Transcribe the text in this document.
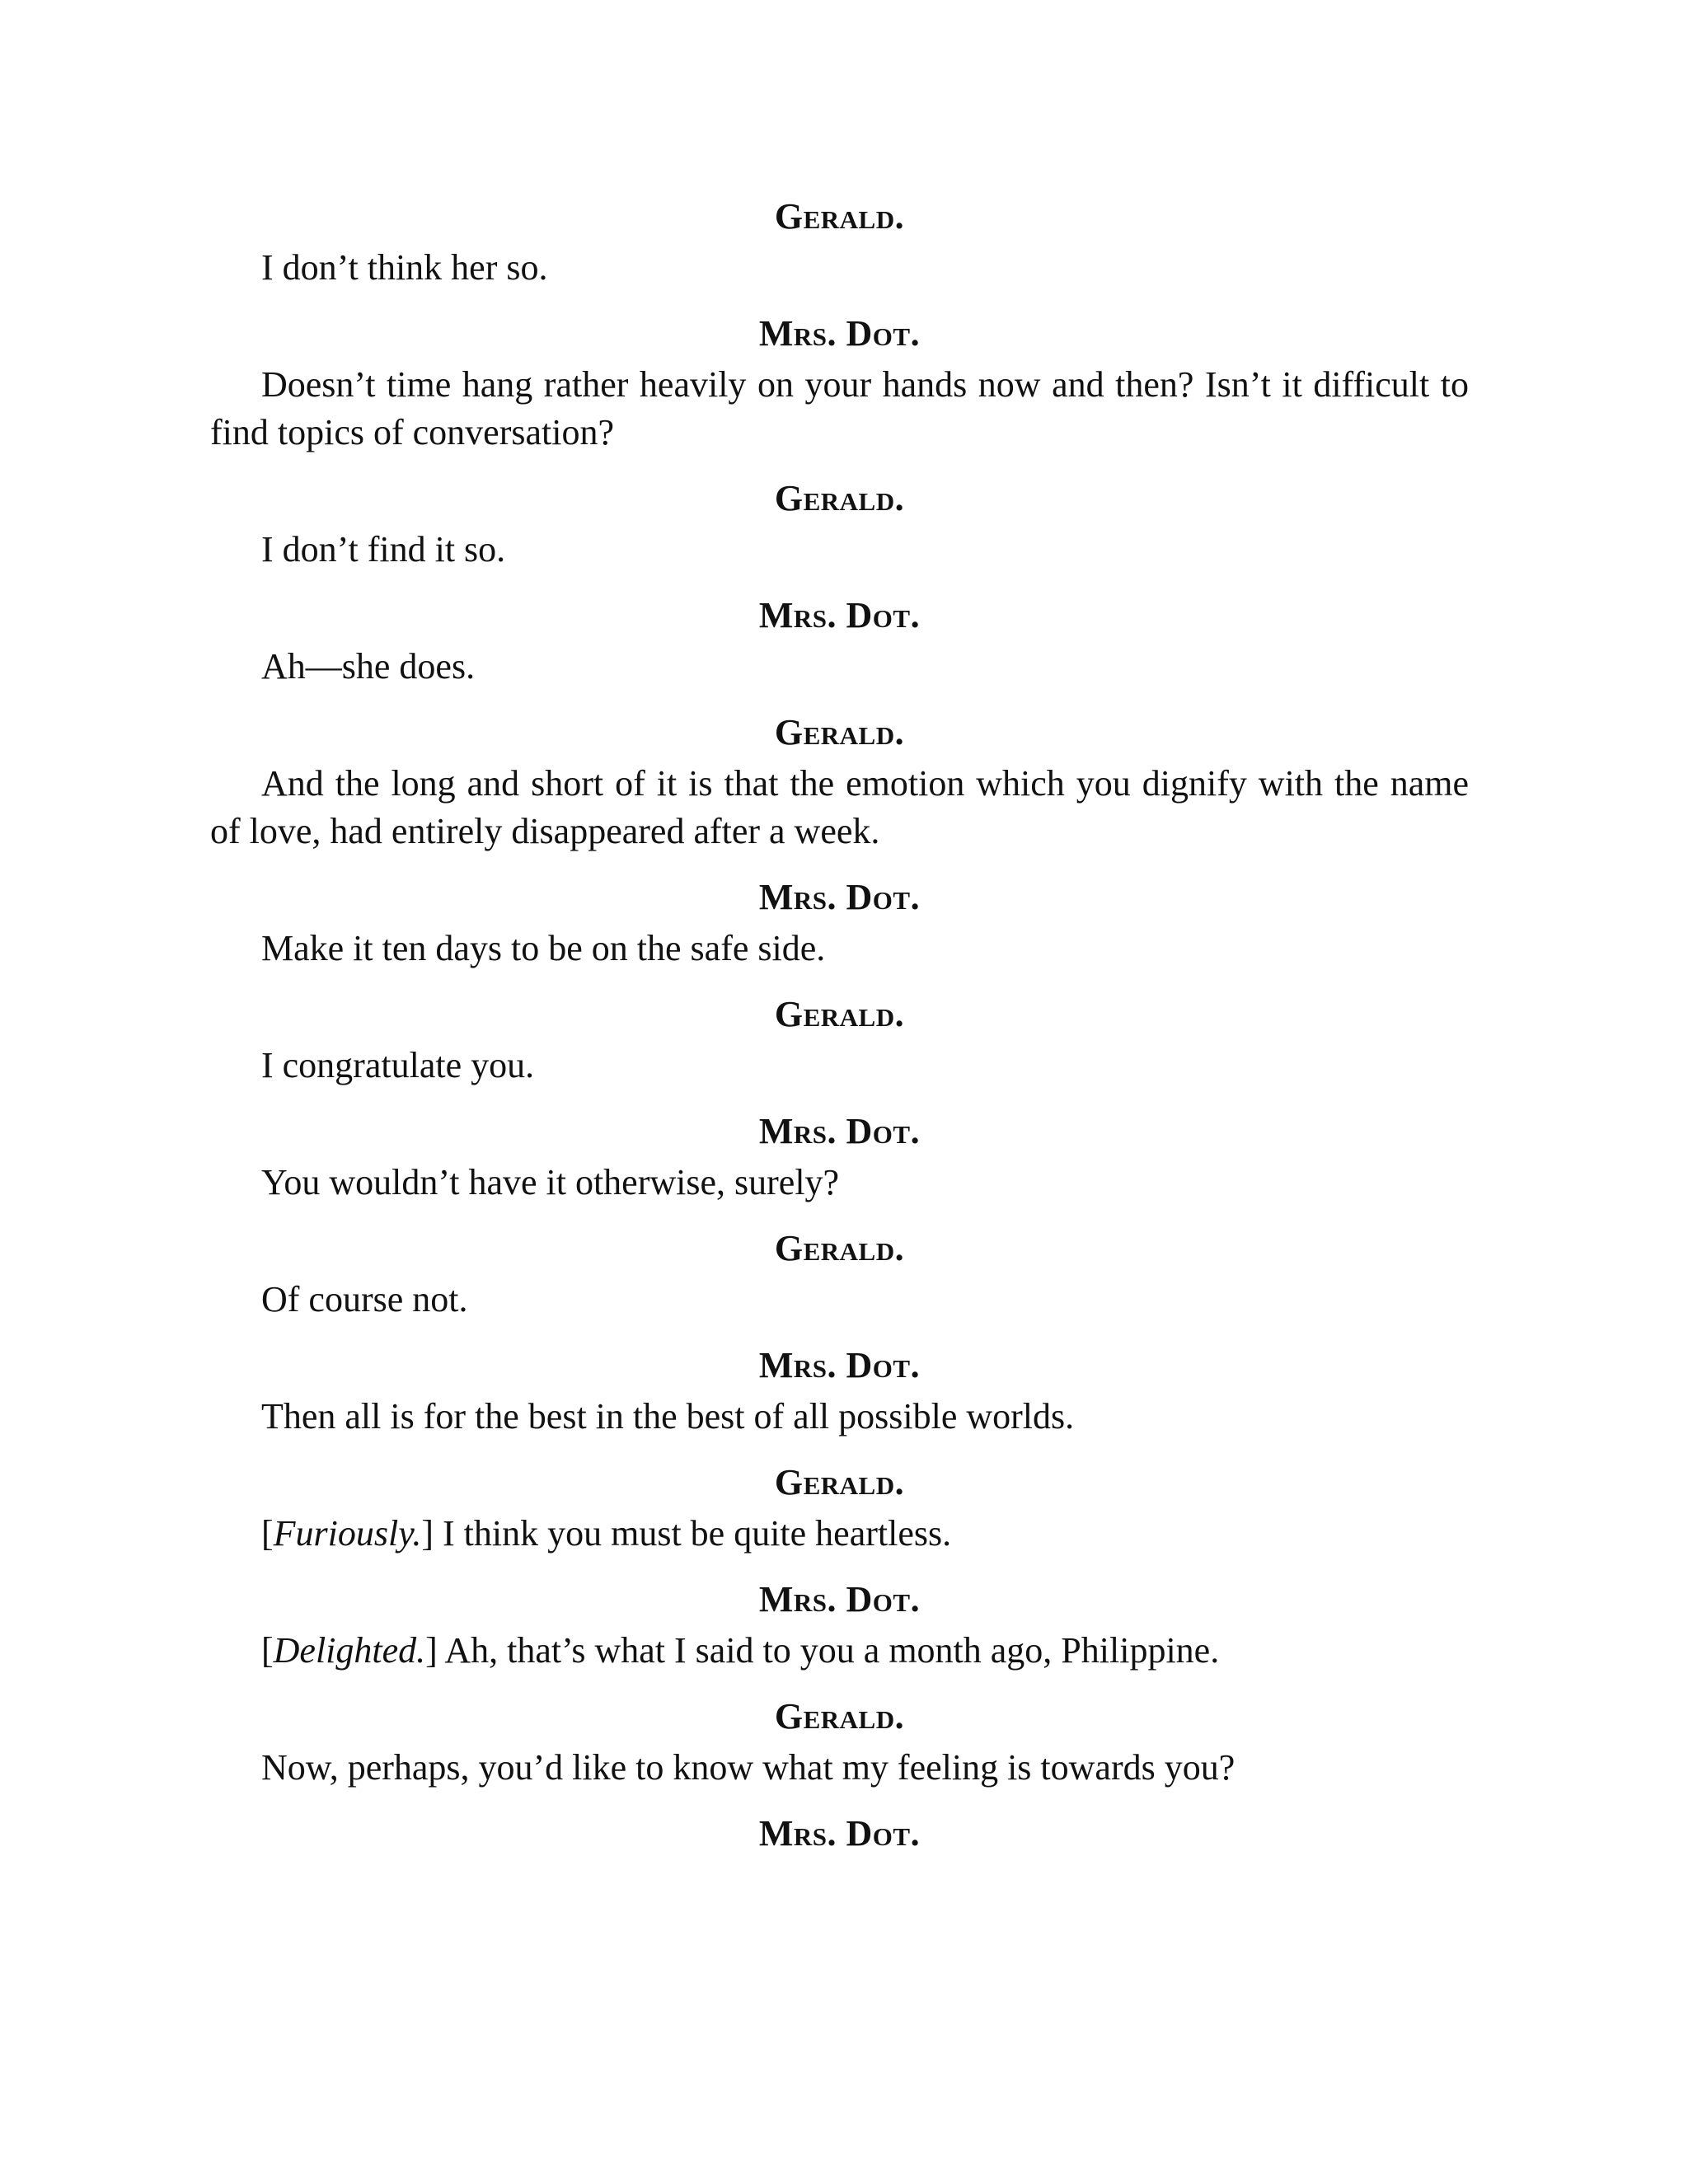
Gerald.

I don’t think her so.

Mrs. Dot.

Doesn’t time hang rather heavily on your hands now and then? Isn’t it difficult to find topics of conversation?

Gerald.

I don’t find it so.

Mrs. Dot.

Ah—she does.

Gerald.

And the long and short of it is that the emotion which you dignify with the name of love, had entirely disappeared after a week.

Mrs. Dot.

Make it ten days to be on the safe side.

Gerald.

I congratulate you.

Mrs. Dot.

You wouldn’t have it otherwise, surely?

Gerald.

Of course not.

Mrs. Dot.

Then all is for the best in the best of all possible worlds.

Gerald.

[Furiously.] I think you must be quite heartless.

Mrs. Dot.

[Delighted.] Ah, that’s what I said to you a month ago, Philippine.

Gerald.

Now, perhaps, you’d like to know what my feeling is towards you?

Mrs. Dot.
